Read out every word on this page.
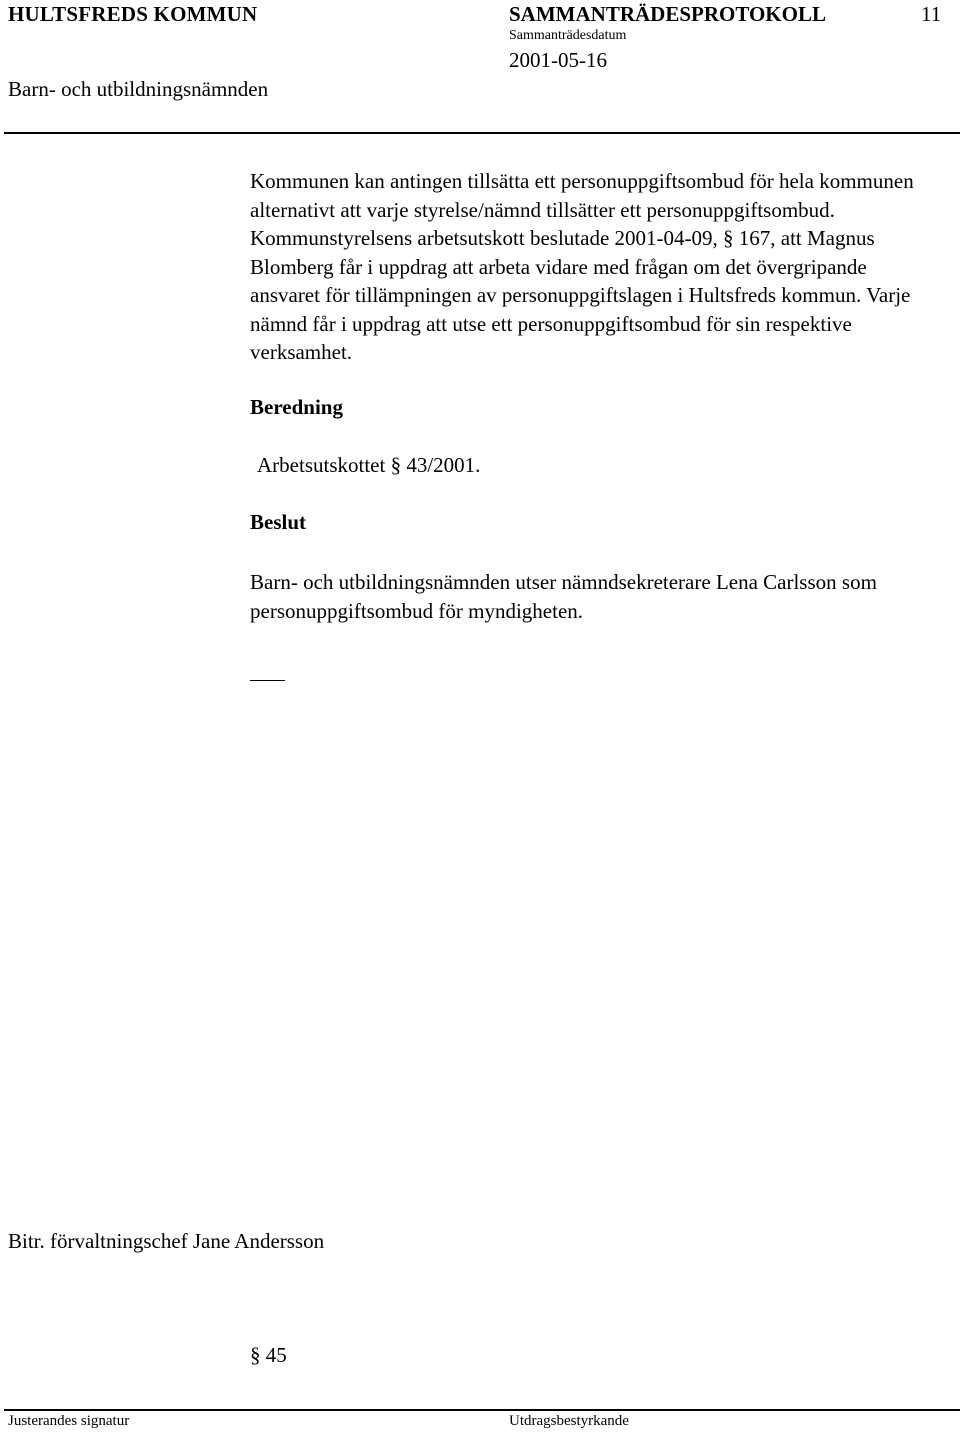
HULTSFREDS KOMMUN	SAMMANTRÄDESPROTOKOLL	11
Sammanträdesdatum
2001-05-16
Barn- och utbildningsnämnden
Kommunen kan antingen tillsätta ett personuppgiftsombud för hela kommunen
alternativt att varje styrelse/nämnd tillsätter ett personuppgiftsombud.
Kommunstyrelsens arbetsutskott beslutade 2001-04-09, § 167, att Magnus
Blomberg får i uppdrag att arbeta vidare med frågan om det övergripande
ansvaret för tillämpningen av personuppgiftslagen i Hultsfreds kommun. Varje
nämnd får i uppdrag att utse ett personuppgiftsombud för sin respektive
verksamhet.
Beredning
Arbetsutskottet § 43/2001.
Beslut
Barn- och utbildningsnämnden utser nämndsekreterare Lena Carlsson som
personuppgiftsombud för myndigheten.
Bitr. förvaltningschef Jane Andersson
§ 45
Justerandes signatur	Utdragsbestyrkande
